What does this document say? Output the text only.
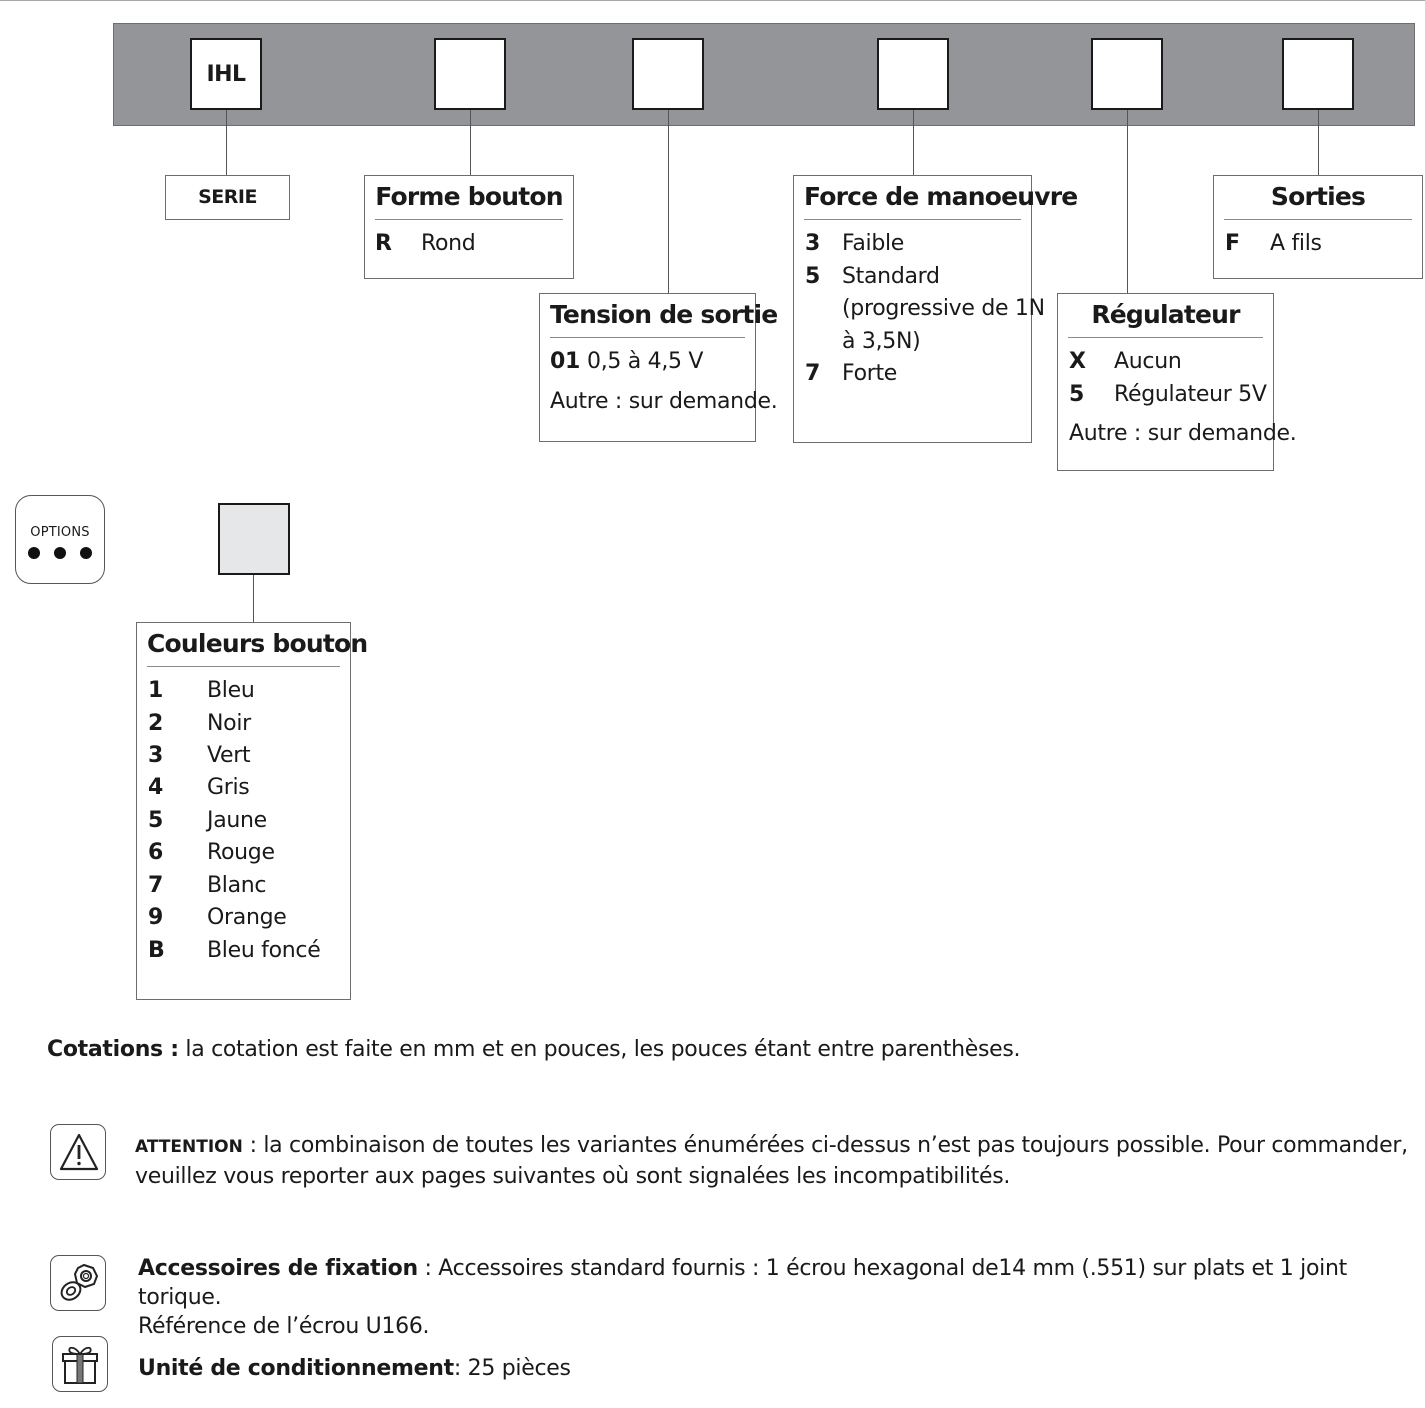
IHL
SERIE	Forme bouton
R Rond
Tension de sortie
01 0,5 à 4,5 V
Autre : sur demande.
Force de manoeuvre
3 Faible
5 Standard
(progressive de 1N
à 3,5N)
7 Forte
Régulateur
X Aucun
5 Régulateur 5V
Autre : sur demande.
Sorties
F A fils
OPTIONS
Couleurs bouton
1 Bleu
2 Noir
3 Vert
4 Gris
5 Jaune
6 Rouge
7 Blanc
9 Orange
B Bleu foncé
Cotations : la cotation est faite en mm et en pouces, les pouces étant entre parenthèses.
ATTENTION : la combinaison de toutes les variantes énumérées ci-dessus n’est pas toujours possible. Pour commander,
veuillez vous reporter aux pages suivantes où sont signalées les incompatibilités.
Accessoires de fixation : Accessoires standard fournis : 1 écrou hexagonal de14 mm (.551) sur plats et 1 joint torique.
Référence de l’écrou U166.
Unité de conditionnement: 25 pièces
